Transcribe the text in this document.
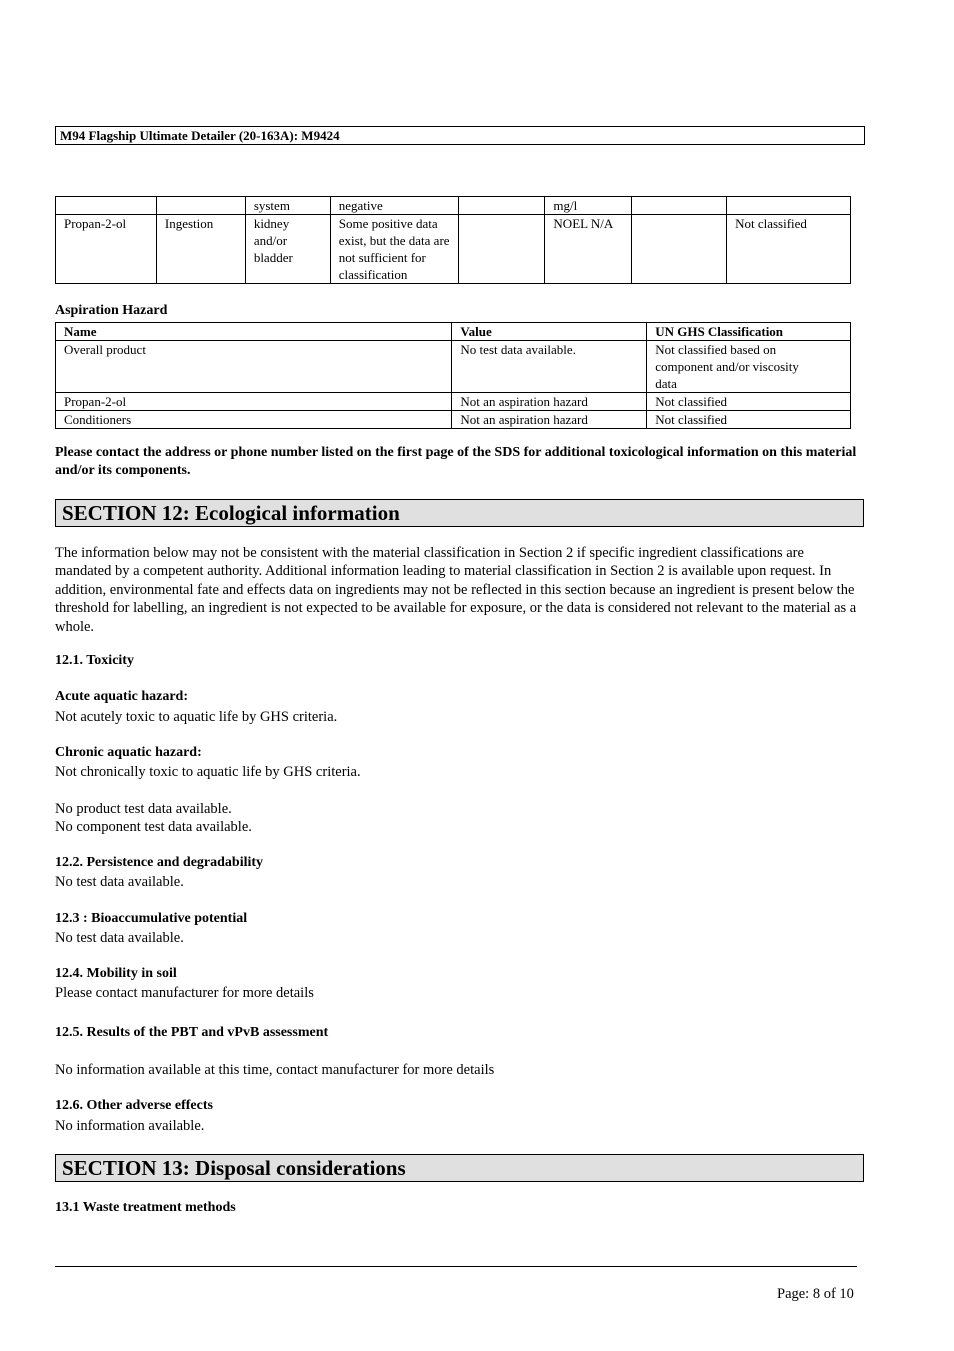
M94 Flagship Ultimate Detailer (20-163A): M9424
		system	negative		mg/l		
Propan-2-ol	Ingestion	kidney and/or bladder	Some positive data exist, but the data are not sufficient for classification		NOEL N/A		Not classified
Aspiration Hazard
Name	Value	UN GHS Classification
Overall product	No test data available.	Not classified based on component and/or viscosity data
Propan-2-ol	Not an aspiration hazard	Not classified
Conditioners	Not an aspiration hazard	Not classified
Please contact the address or phone number listed on the first page of the SDS for additional toxicological information on this material and/or its components.
SECTION 12: Ecological information
The information below may not be consistent with the material classification in Section 2 if specific ingredient classifications are mandated by a competent authority. Additional information leading to material classification in Section 2 is available upon request. In addition, environmental fate and effects data on ingredients may not be reflected in this section because an ingredient is present below the threshold for labelling, an ingredient is not expected to be available for exposure, or the data is considered not relevant to the material as a whole.
12.1. Toxicity
Acute aquatic hazard:
Not acutely toxic to aquatic life by GHS criteria.
Chronic aquatic hazard:
Not chronically toxic to aquatic life by GHS criteria.
No product test data available.
No component test data available.
12.2. Persistence and degradability
No test data available.
12.3 : Bioaccumulative potential
No test data available.
12.4. Mobility in soil
Please contact manufacturer for more details
12.5. Results of the PBT and vPvB assessment
No information available at this time, contact manufacturer for more details
12.6. Other adverse effects
No information available.
SECTION 13: Disposal considerations
13.1 Waste treatment methods
Page: 8 of 10
